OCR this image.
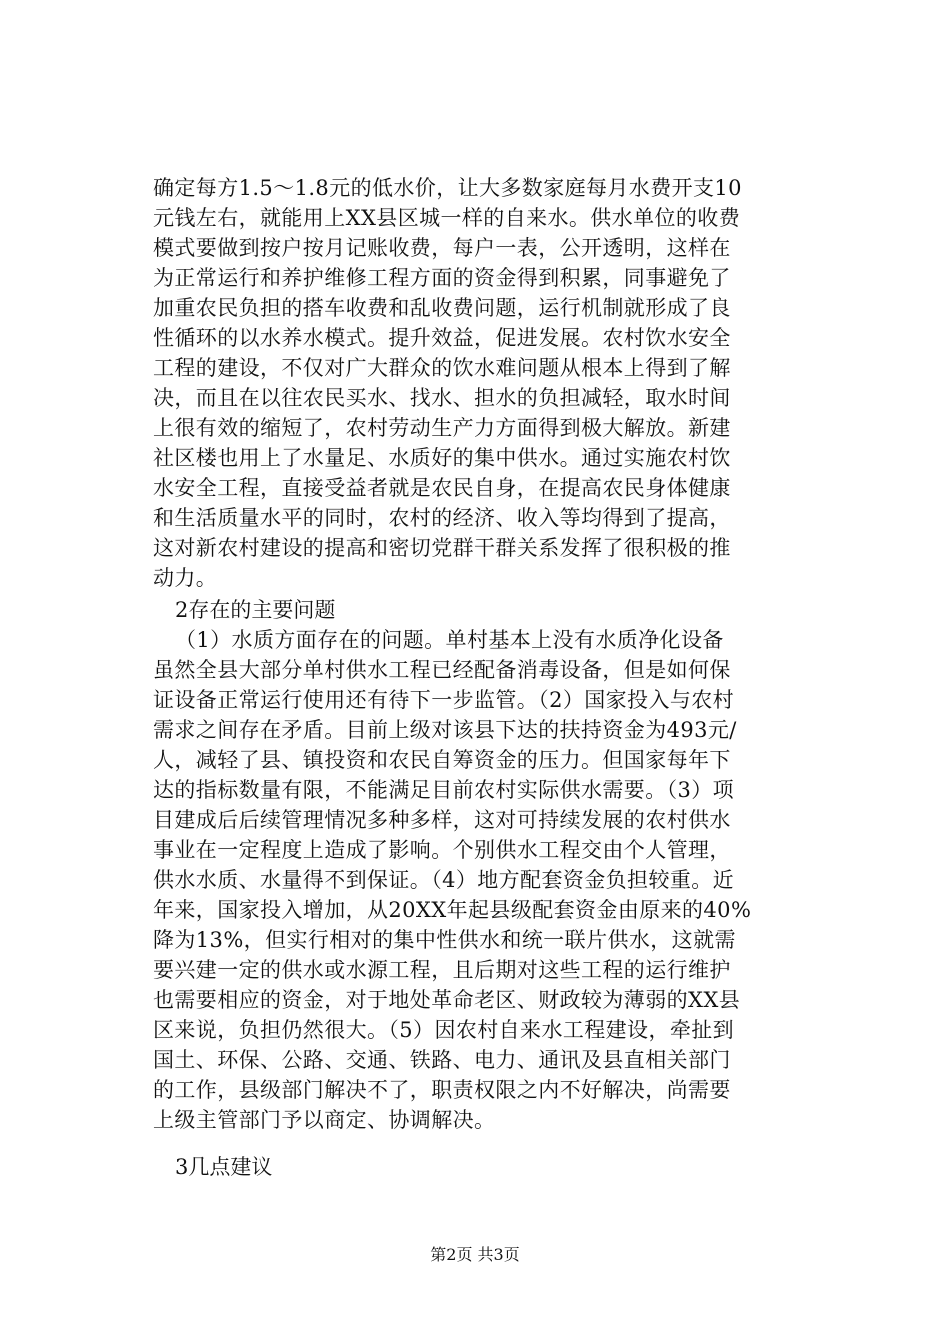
确定每方1.5～1.8元的低水价，让大多数家庭每月水费开支10
元钱左右，就能用上XX县区城一样的自来水。供水单位的收费
模式要做到按户按月记账收费，每户一表，公开透明，这样在
为正常运行和养护维修工程方面的资金得到积累，同事避免了
加重农民负担的搭车收费和乱收费问题，运行机制就形成了良
性循环的以水养水模式。提升效益，促进发展。农村饮水安全
工程的建设，不仅对广大群众的饮水难问题从根本上得到了解
决，而且在以往农民买水、找水、担水的负担减轻，取水时间
上很有效的缩短了，农村劳动生产力方面得到极大解放。新建
社区楼也用上了水量足、水质好的集中供水。通过实施农村饮
水安全工程，直接受益者就是农民自身，在提高农民身体健康
和生活质量水平的同时，农村的经济、收入等均得到了提高，
这对新农村建设的提高和密切党群干群关系发挥了很积极的推
动力。
2存在的主要问题
（1）水质方面存在的问题。单村基本上没有水质净化设备
虽然全县大部分单村供水工程已经配备消毒设备，但是如何保
证设备正常运行使用还有待下一步监管。（2）国家投入与农村
需求之间存在矛盾。目前上级对该县下达的扶持资金为493元/
人，减轻了县、镇投资和农民自筹资金的压力。但国家每年下
达的指标数量有限，不能满足目前农村实际供水需要。（3）项
目建成后后续管理情况多种多样，这对可持续发展的农村供水
事业在一定程度上造成了影响。个别供水工程交由个人管理，
供水水质、水量得不到保证。（4）地方配套资金负担较重。近
年来，国家投入增加，从20XX年起县级配套资金由原来的40%
降为13%，但实行相对的集中性供水和统一联片供水，这就需
要兴建一定的供水或水源工程，且后期对这些工程的运行维护
也需要相应的资金，对于地处革命老区、财政较为薄弱的XX县
区来说，负担仍然很大。（5）因农村自来水工程建设，牵扯到
国土、环保、公路、交通、铁路、电力、通讯及县直相关部门
的工作，县级部门解决不了，职责权限之内不好解决，尚需要
上级主管部门予以商定、协调解决。
3几点建议
第2页 共3页
